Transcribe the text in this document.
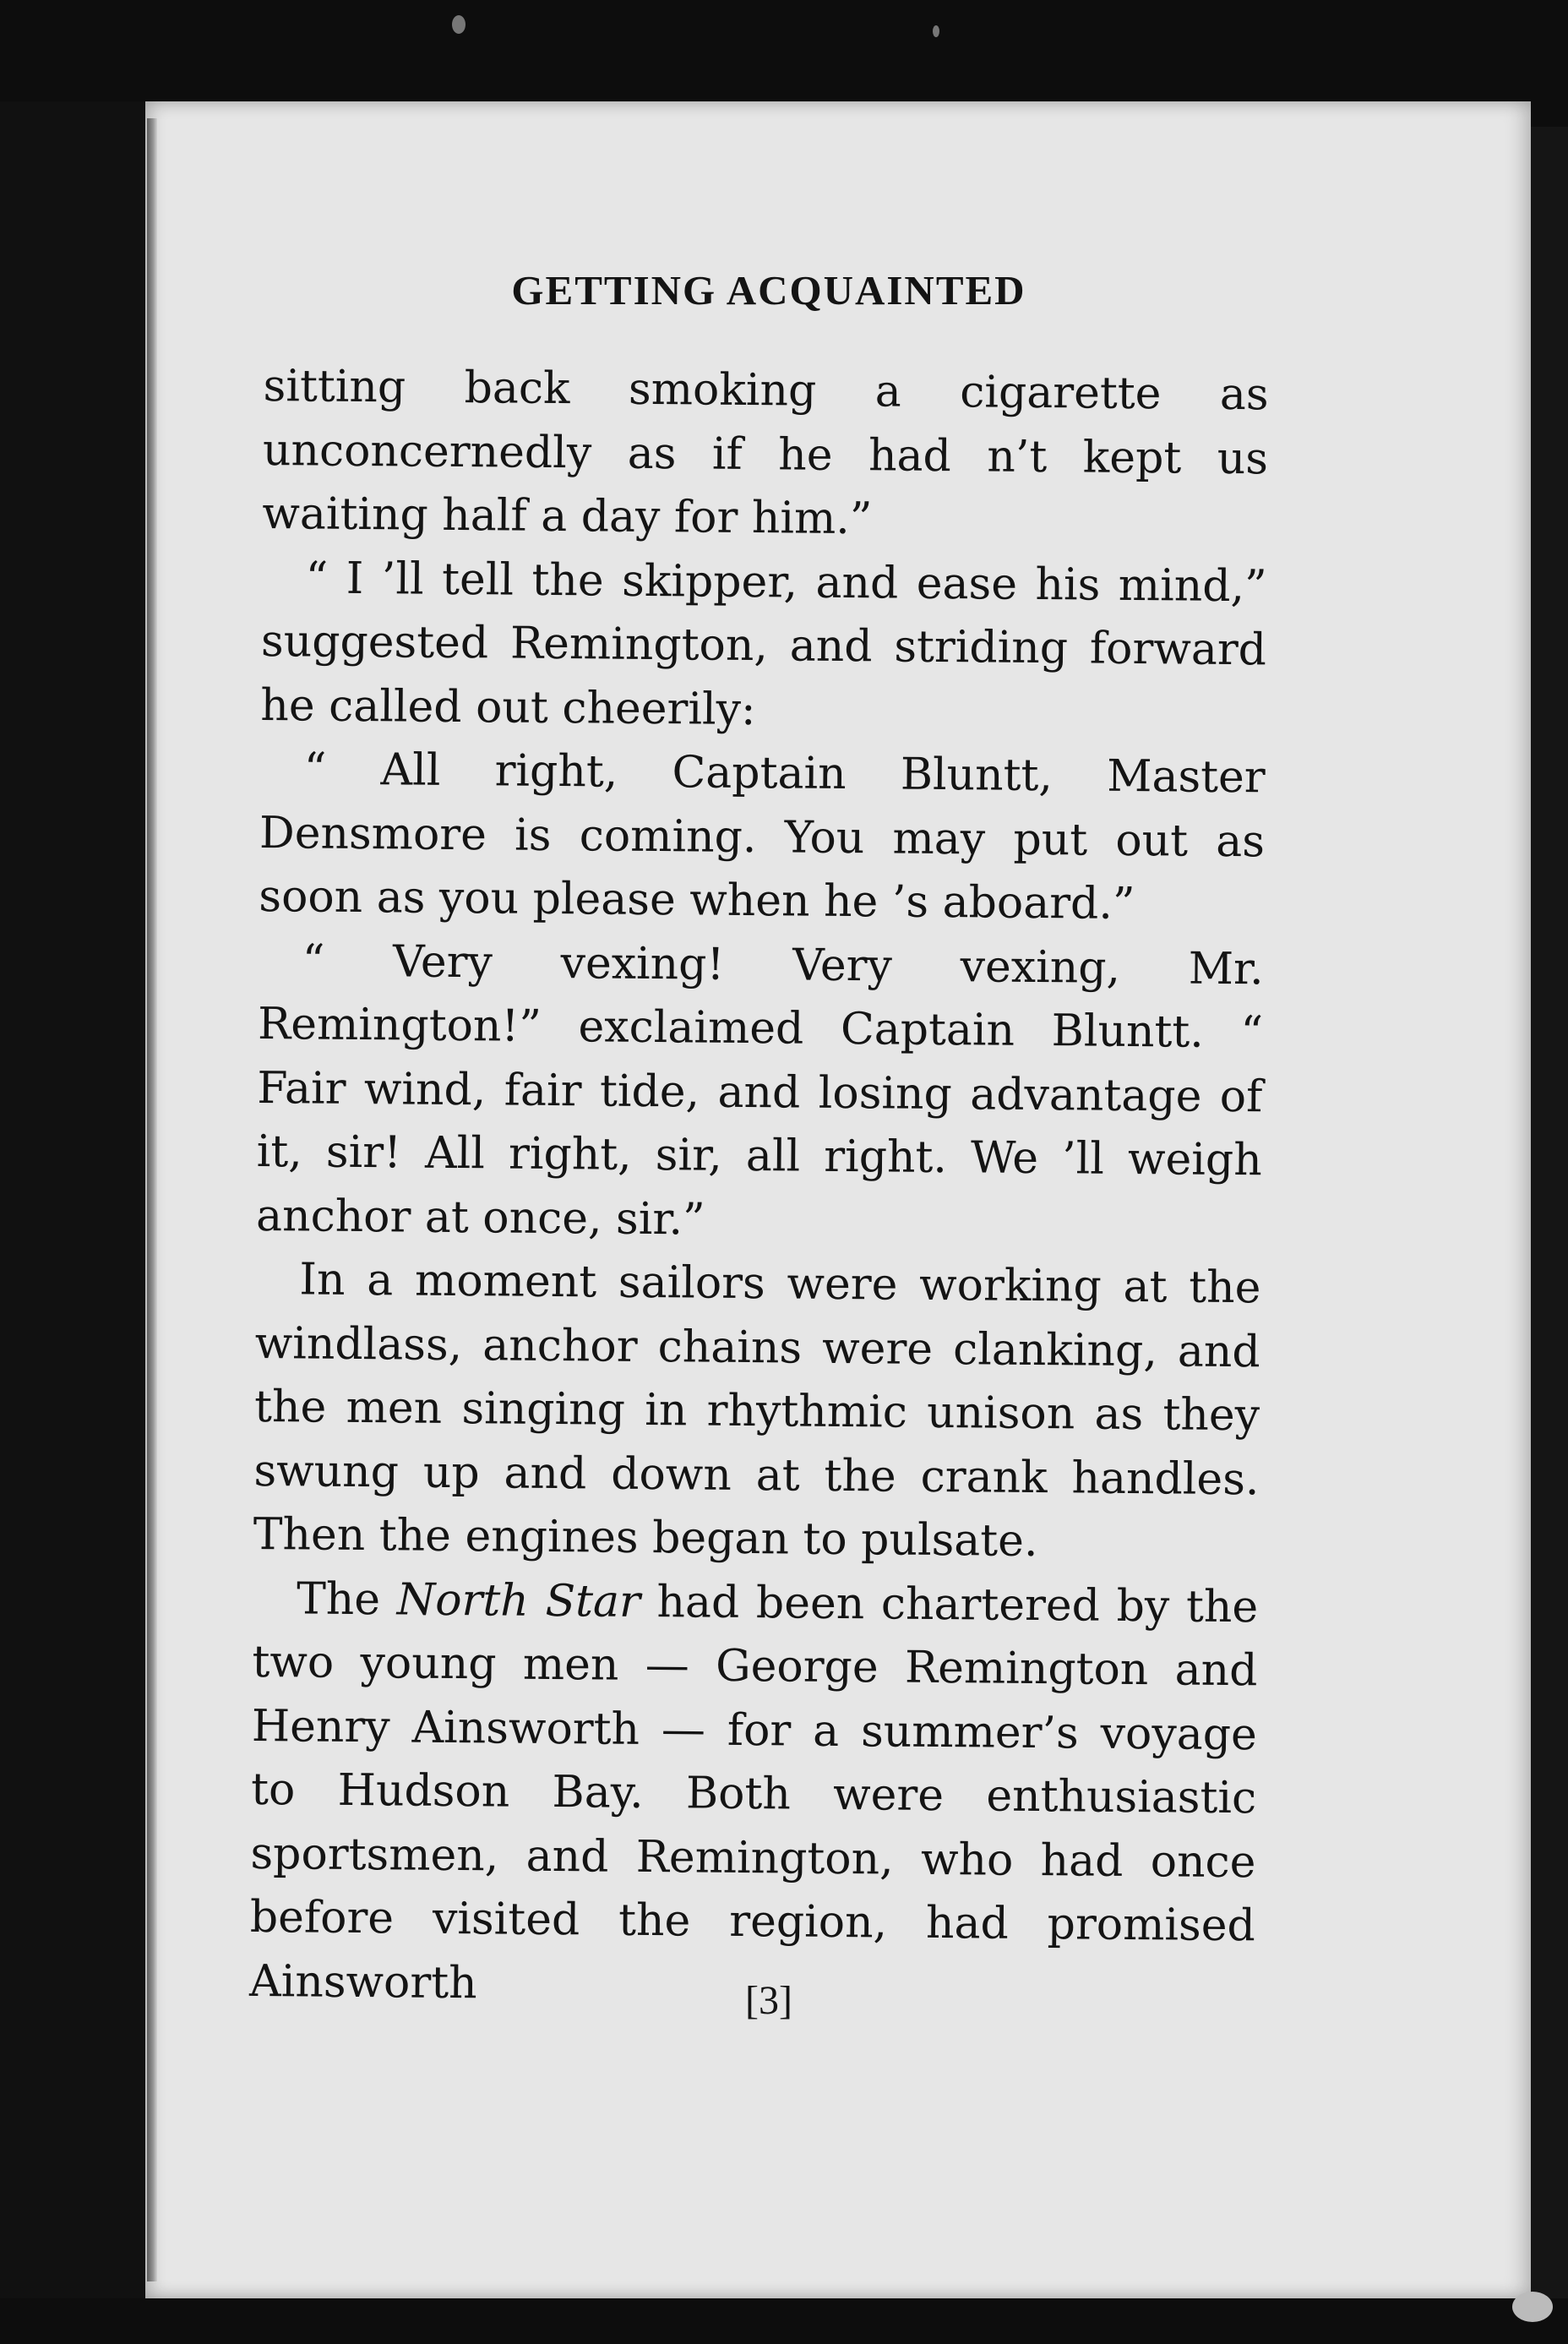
GETTING ACQUAINTED

sitting back smoking a cigarette as unconcernedly as if he had n’t kept us waiting half a day for him.”

“ I ’ll tell the skipper, and ease his mind,” suggested Remington, and striding forward he called out cheerily:

“ All right, Captain Bluntt, Master Densmore is coming. You may put out as soon as you please when he ’s aboard.”

“ Very vexing! Very vexing, Mr. Remington!” exclaimed Captain Bluntt. “ Fair wind, fair tide, and losing advantage of it, sir! All right, sir, all right. We ’ll weigh anchor at once, sir.”

In a moment sailors were working at the windlass, anchor chains were clanking, and the men singing in rhythmic unison as they swung up and down at the crank handles. Then the engines began to pulsate.

The North Star had been chartered by the two young men — George Remington and Henry Ainsworth — for a summer’s voyage to Hudson Bay. Both were enthusiastic sportsmen, and Remington, who had once before visited the region, had promised Ainsworth	[3]
